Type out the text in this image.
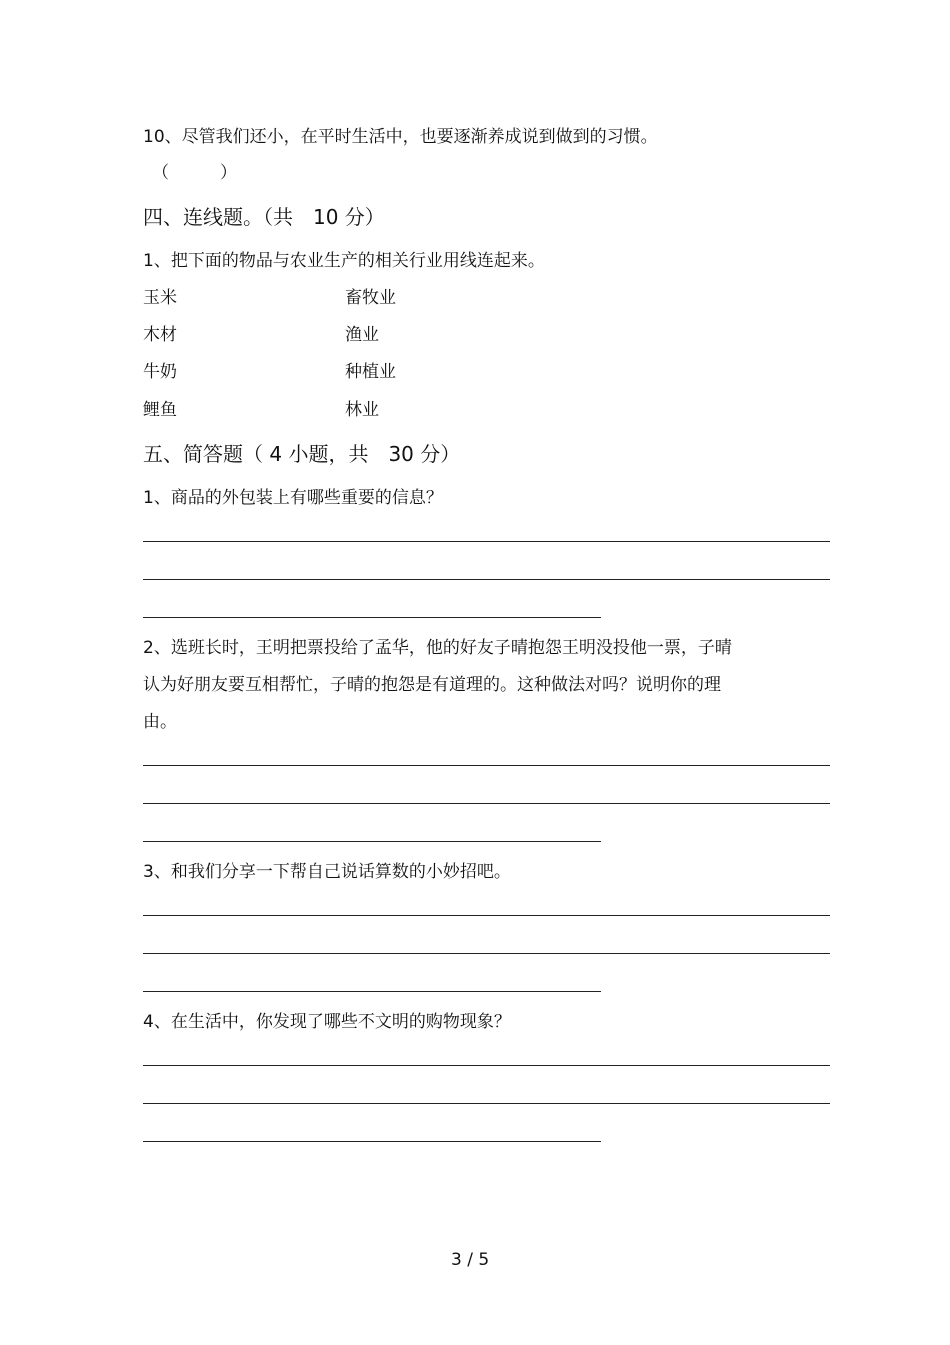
10、尽管我们还小，在平时生活中，也要逐渐养成说到做到的习惯。
（　　　）
四、连线题。（共　10 分）
1、把下面的物品与农业生产的相关行业用线连起来。
玉米	畜牧业
木材	渔业
牛奶	种植业
鲤鱼	林业
五、简答题（ 4 小题，共　30 分）
1、商品的外包装上有哪些重要的信息？
2、选班长时，王明把票投给了孟华，他的好友子晴抱怨王明没投他一票，子晴
认为好朋友要互相帮忙，子晴的抱怨是有道理的。这种做法对吗？说明你的理
由。
3、和我们分享一下帮自己说话算数的小妙招吧。
4、在生活中，你发现了哪些不文明的购物现象？
3 / 5
